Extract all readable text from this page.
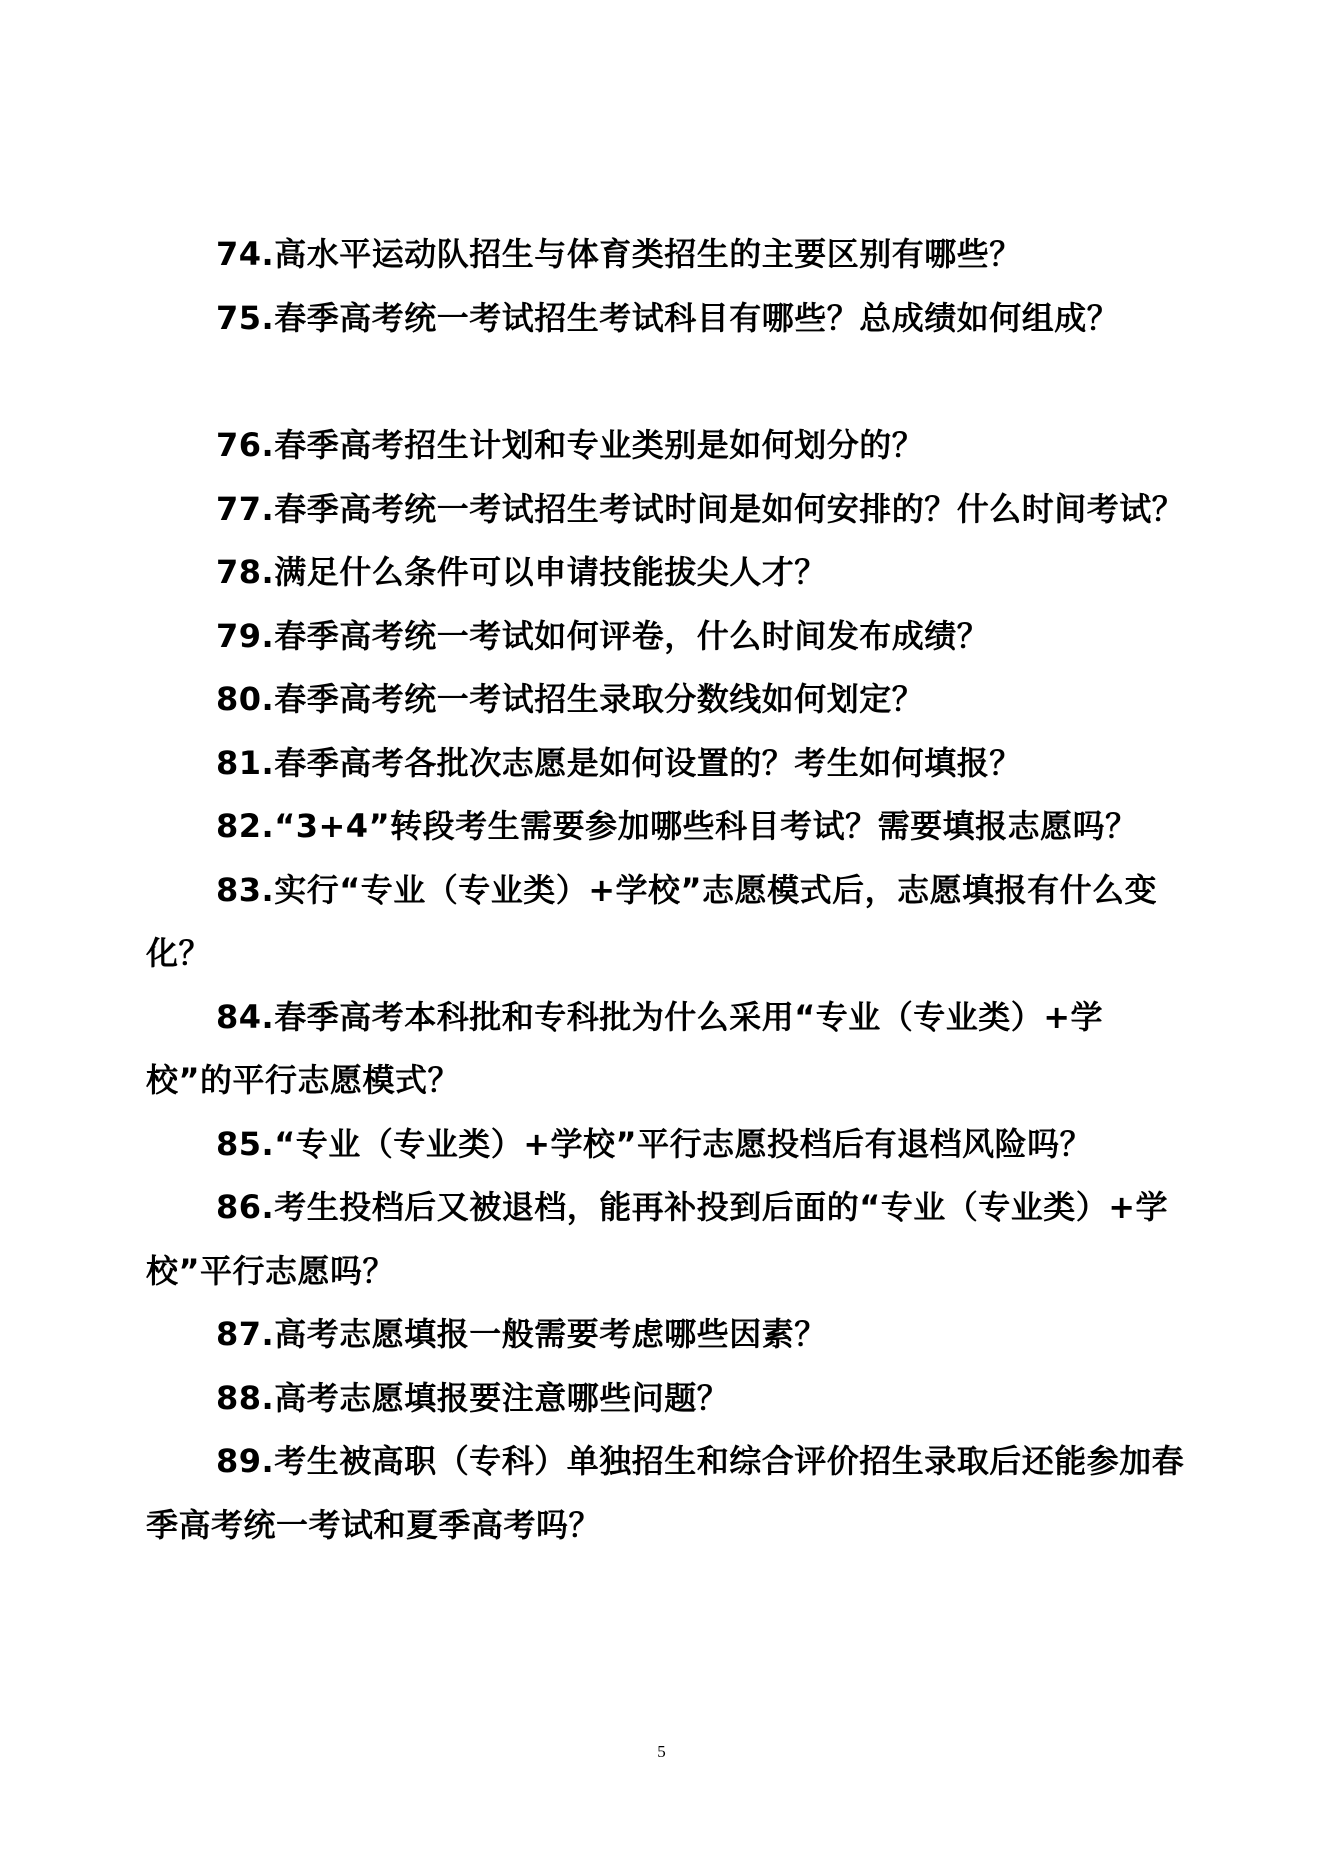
74.高水平运动队招生与体育类招生的主要区别有哪些？

75.春季高考统一考试招生考试科目有哪些？总成绩如何组成？

76.春季高考招生计划和专业类别是如何划分的？

77.春季高考统一考试招生考试时间是如何安排的？什么时间考试？

78.满足什么条件可以申请技能拔尖人才？

79.春季高考统一考试如何评卷，什么时间发布成绩？

80.春季高考统一考试招生录取分数线如何划定？

81.春季高考各批次志愿是如何设置的？考生如何填报？

82.“3+4”转段考生需要参加哪些科目考试？需要填报志愿吗？

83.实行“专业（专业类）+学校”志愿模式后，志愿填报有什么变化？

84.春季高考本科批和专科批为什么采用“专业（专业类）+学校”的平行志愿模式？

85.“专业（专业类）+学校”平行志愿投档后有退档风险吗？

86.考生投档后又被退档，能再补投到后面的“专业（专业类）+学校”平行志愿吗？

87.高考志愿填报一般需要考虑哪些因素？

88.高考志愿填报要注意哪些问题？

89.考生被高职（专科）单独招生和综合评价招生录取后还能参加春季高考统一考试和夏季高考吗？

5
